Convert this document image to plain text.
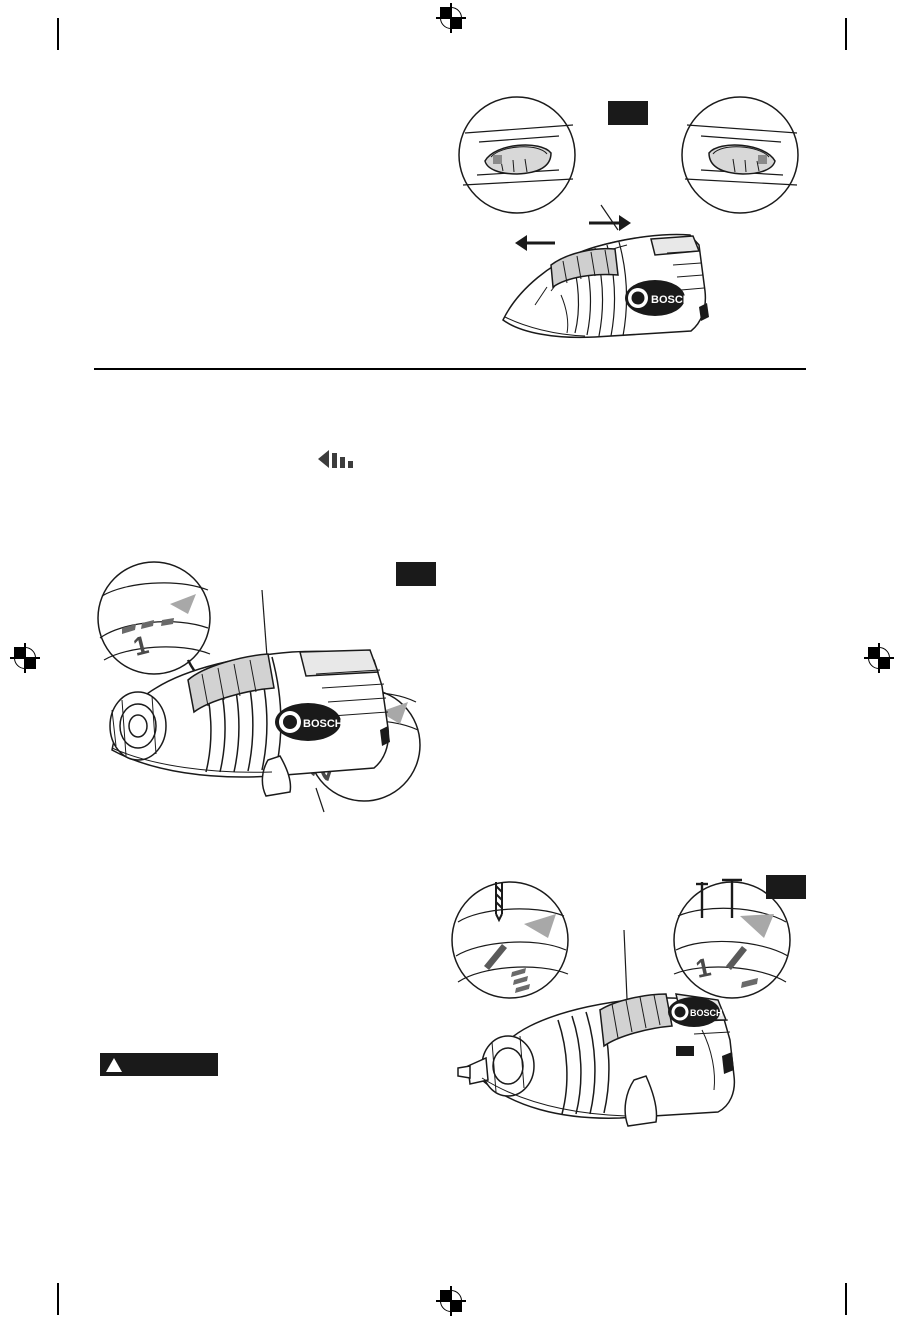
BOSCH
1
BOSCH
1
BOSCH
